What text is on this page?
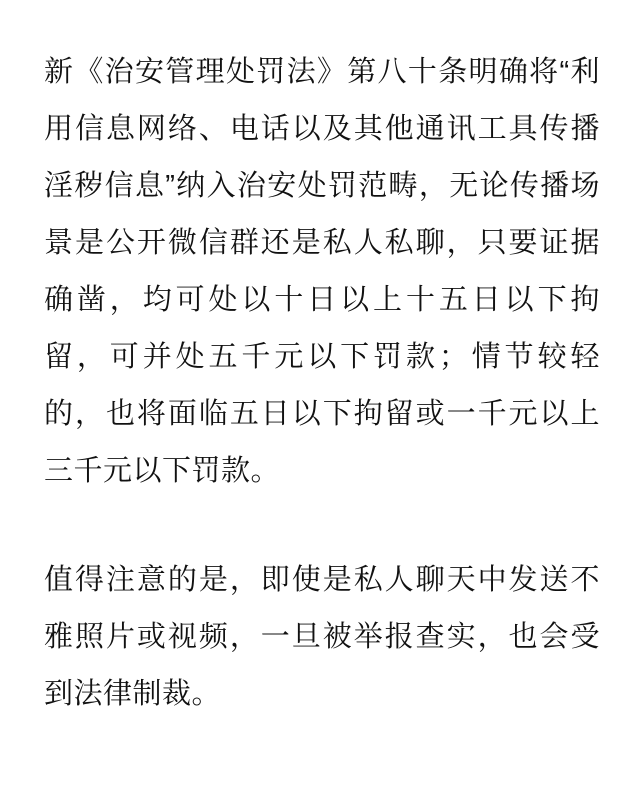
新《治安管理处罚法》第八十条明确将“利用信息网络、电话以及其他通讯工具传播淫秽信息”纳入治安处罚范畴，无论传播场景是公开微信群还是私人私聊，只要证据确凿，均可处以十日以上十五日以下拘留，可并处五千元以下罚款；情节较轻的，也将面临五日以下拘留或一千元以上三千元以下罚款。

值得注意的是，即使是私人聊天中发送不雅照片或视频，一旦被举报查实，也会受到法律制裁。
